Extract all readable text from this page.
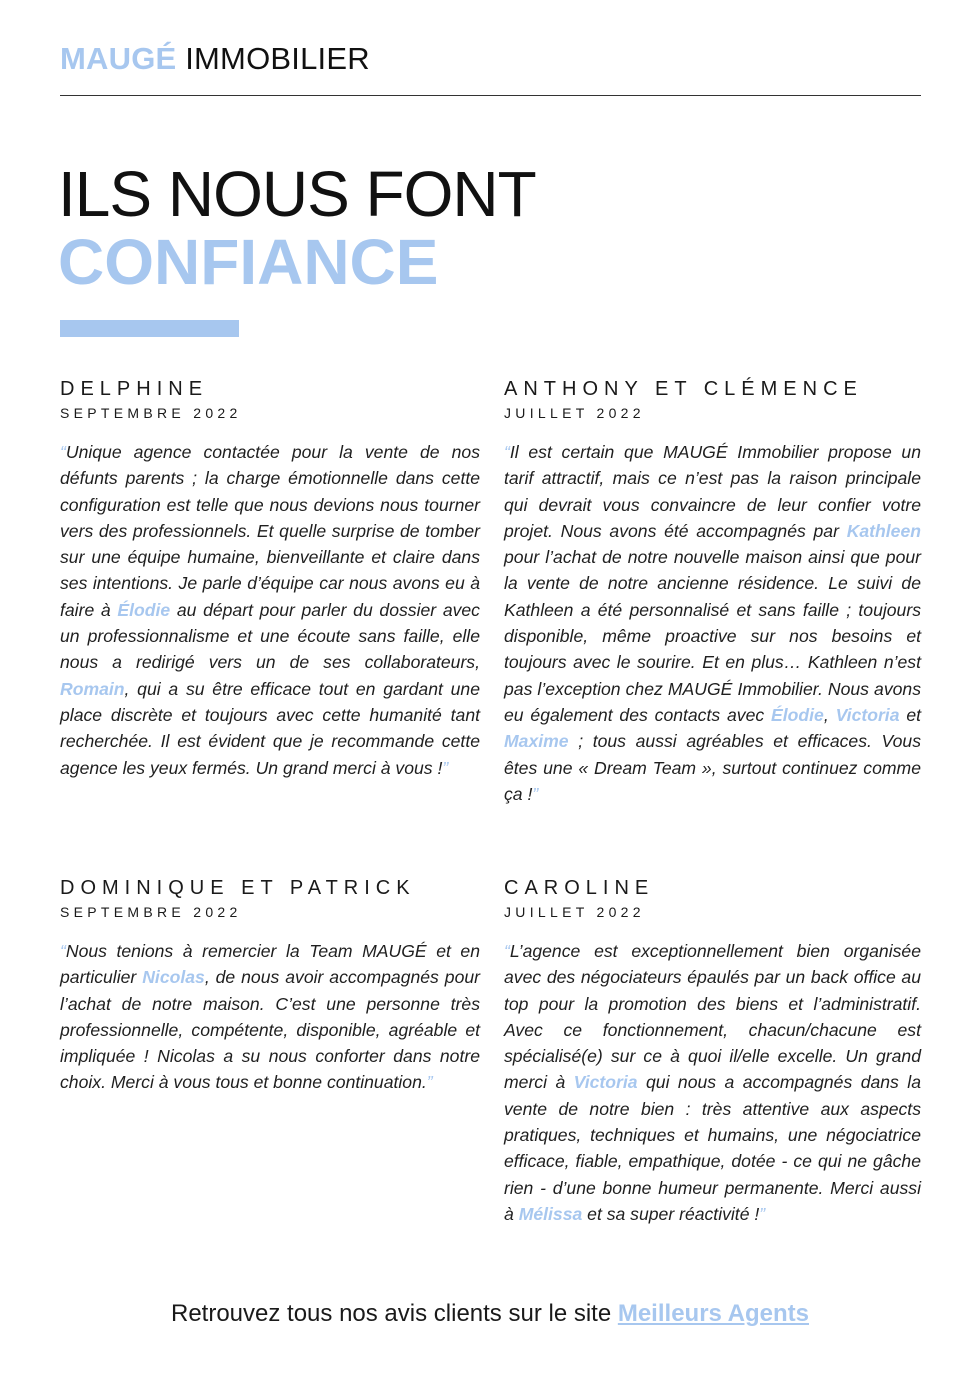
MAUGÉ IMMOBILIER
ILS NOUS FONT
CONFIANCE
DELPHINE
SEPTEMBRE 2022
“Unique agence contactée pour la vente de nos défunts parents ; la charge émotionnelle dans cette configuration est telle que nous devions nous tourner vers des professionnels. Et quelle surprise de tomber sur une équipe humaine, bienveillante et claire dans ses intentions. Je parle d’équipe car nous avons eu à faire à Élodie au départ pour parler du dossier avec un professionnalisme et une écoute sans faille, elle nous a redirigé vers un de ses collaborateurs, Romain, qui a su être efficace tout en gardant une place discrète et toujours avec cette humanité tant recherchée. Il est évident que je recommande cette agence les yeux fermés. Un grand merci à vous !”
ANTHONY ET CLÉMENCE
JUILLET 2022
“Il est certain que MAUGÉ Immobilier propose un tarif attractif, mais ce n’est pas la raison principale qui devrait vous convaincre de leur confier votre projet. Nous avons été accompagnés par Kathleen pour l’achat de notre nouvelle maison ainsi que pour la vente de notre ancienne résidence. Le suivi de Kathleen a été personnalisé et sans faille ; toujours disponible, même proactive sur nos besoins et toujours avec le sourire. Et en plus… Kathleen n’est pas l’exception chez MAUGÉ Immobilier. Nous avons eu également des contacts avec Élodie, Victoria et Maxime ; tous aussi agréables et efficaces. Vous êtes une « Dream Team », surtout continuez comme ça !”
DOMINIQUE ET PATRICK
SEPTEMBRE 2022
“Nous tenions à remercier la Team MAUGÉ et en particulier Nicolas, de nous avoir accompagnés pour l’achat de notre maison. C’est une personne très professionnelle, compétente, disponible, agréable et impliquée ! Nicolas a su nous conforter dans notre choix. Merci à vous tous et bonne continuation.”
CAROLINE
JUILLET 2022
“L’agence est exceptionnellement bien organisée avec des négociateurs épaulés par un back office au top pour la promotion des biens et l’administratif. Avec ce fonctionnement, chacun/chacune est spécialisé(e) sur ce à quoi il/elle excelle. Un grand merci à Victoria qui nous a accompagnés dans la vente de notre bien : très attentive aux aspects pratiques, techniques et humains, une négociatrice efficace, fiable, empathique, dotée - ce qui ne gâche rien - d’une bonne humeur permanente. Merci aussi à Mélissa et sa super réactivité !”
Retrouvez tous nos avis clients sur le site Meilleurs Agents
